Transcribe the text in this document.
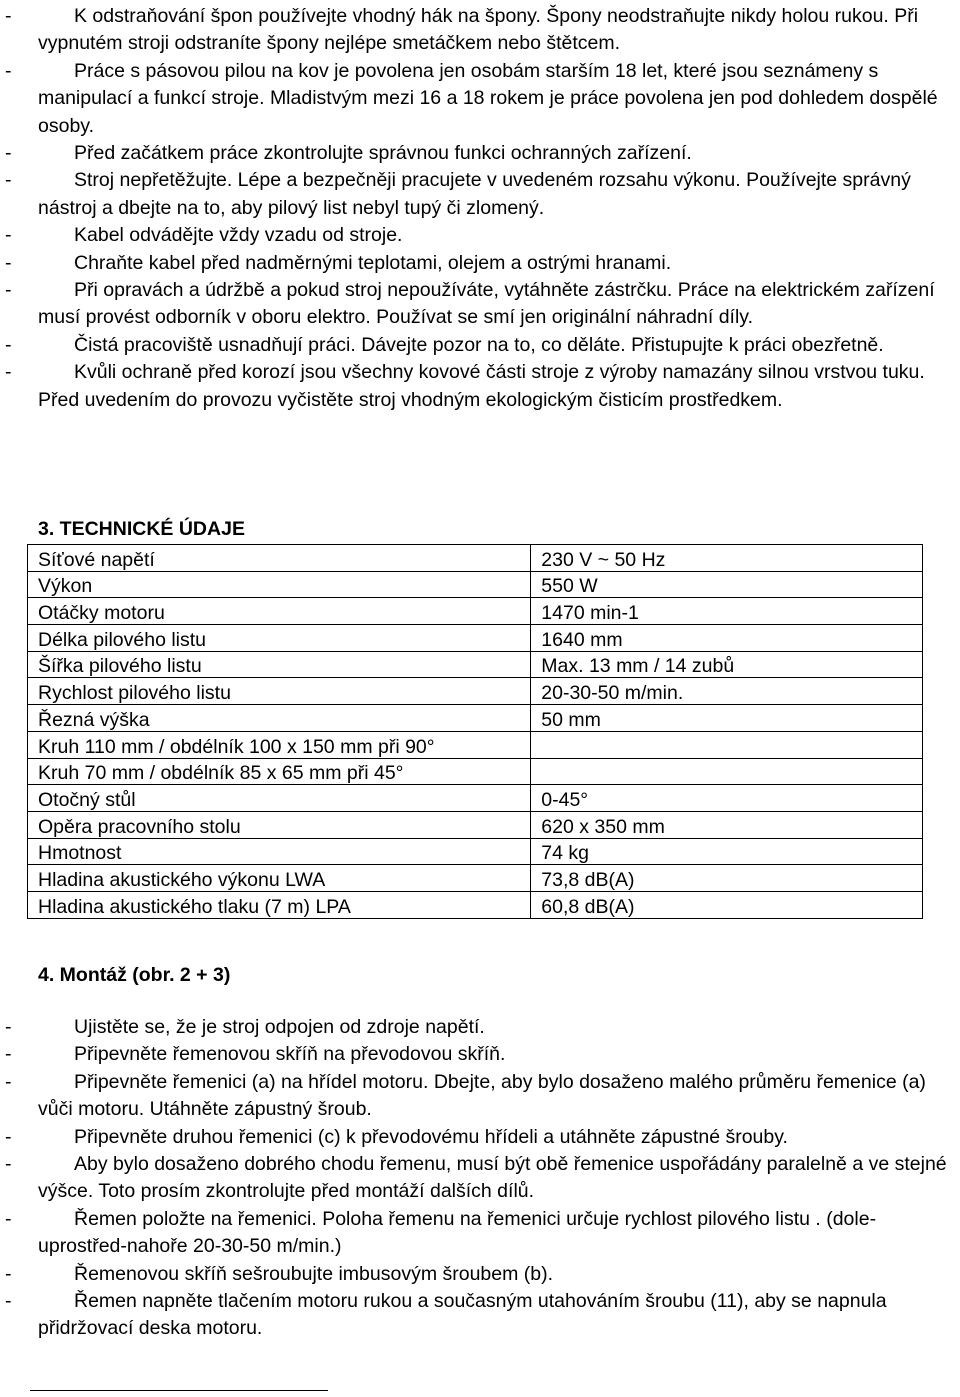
-	K odstraňování špon používejte vhodný hák na špony. Špony neodstraňujte nikdy holou rukou. Při vypnutém stroji odstraníte špony nejlépe smetáčkem nebo štětcem.

-	Práce s pásovou pilou na kov je povolena jen osobám starším 18 let, které jsou seznámeny s manipulací a funkcí stroje. Mladistvým mezi 16 a 18 rokem je práce povolena jen pod dohledem dospělé osoby.

-	Před začátkem práce zkontrolujte správnou funkci ochranných zařízení.

-	Stroj nepřetěžujte. Lépe a bezpečněji pracujete v uvedeném rozsahu výkonu. Používejte správný nástroj a dbejte na to, aby pilový list nebyl tupý či zlomený.

-	Kabel odvádějte vždy vzadu od stroje.

-	Chraňte kabel před nadměrnými teplotami, olejem a ostrými hranami.

-	Při opravách a údržbě a pokud stroj nepoužíváte, vytáhněte zástrčku. Práce na elektrickém zařízení musí provést odborník v oboru elektro. Používat se smí jen originální náhradní díly.

-	Čistá pracoviště usnadňují práci. Dávejte pozor na to, co děláte. Přistupujte k práci obezřetně.

-	Kvůli ochraně před korozí jsou všechny kovové části stroje z výroby namazány silnou vrstvou tuku. Před uvedením do provozu vyčistěte stroj vhodným ekologickým čisticím prostředkem.

3. TECHNICKÉ ÚDAJE
Síťové napětí	230 V ~ 50 Hz
Výkon	550 W
Otáčky motoru	1470 min-1
Délka pilového listu	1640 mm
Šířka pilového listu	Max. 13 mm / 14 zubů
Rychlost pilového listu	20-30-50 m/min.
Řezná výška	50 mm
Kruh 110 mm / obdélník 100 x 150 mm při 90°	
Kruh 70 mm / obdélník 85 x 65 mm při 45°	
Otočný stůl	0-45°
Opěra pracovního stolu	620 x 350 mm
Hmotnost	74 kg
Hladina akustického výkonu LWA	73,8 dB(A)
Hladina akustického tlaku (7 m) LPA	60,8 dB(A)
4. Montáž (obr. 2 + 3)

-	Ujistěte se, že je stroj odpojen od zdroje napětí.

-	Připevněte řemenovou skříň na převodovou skříň.

-	Připevněte řemenici (a) na hřídel motoru. Dbejte, aby bylo dosaženo malého průměru řemenice (a) vůči motoru. Utáhněte zápustný šroub.

-	Připevněte druhou řemenici (c) k převodovému hřídeli a utáhněte zápustné šrouby.

-	Aby bylo dosaženo dobrého chodu řemenu, musí být obě řemenice uspořádány paralelně a ve stejné výšce. Toto prosím zkontrolujte před montáží dalších dílů.

-	Řemen položte na řemenici. Poloha řemenu na řemenici určuje rychlost pilového listu . (dole-uprostřed-nahoře 20-30-50 m/min.)

-	Řemenovou skříň sešroubujte imbusovým šroubem (b).

-	Řemen napněte tlačením motoru rukou a současným utahováním šroubu (11), aby se napnula přidržovací deska motoru.
